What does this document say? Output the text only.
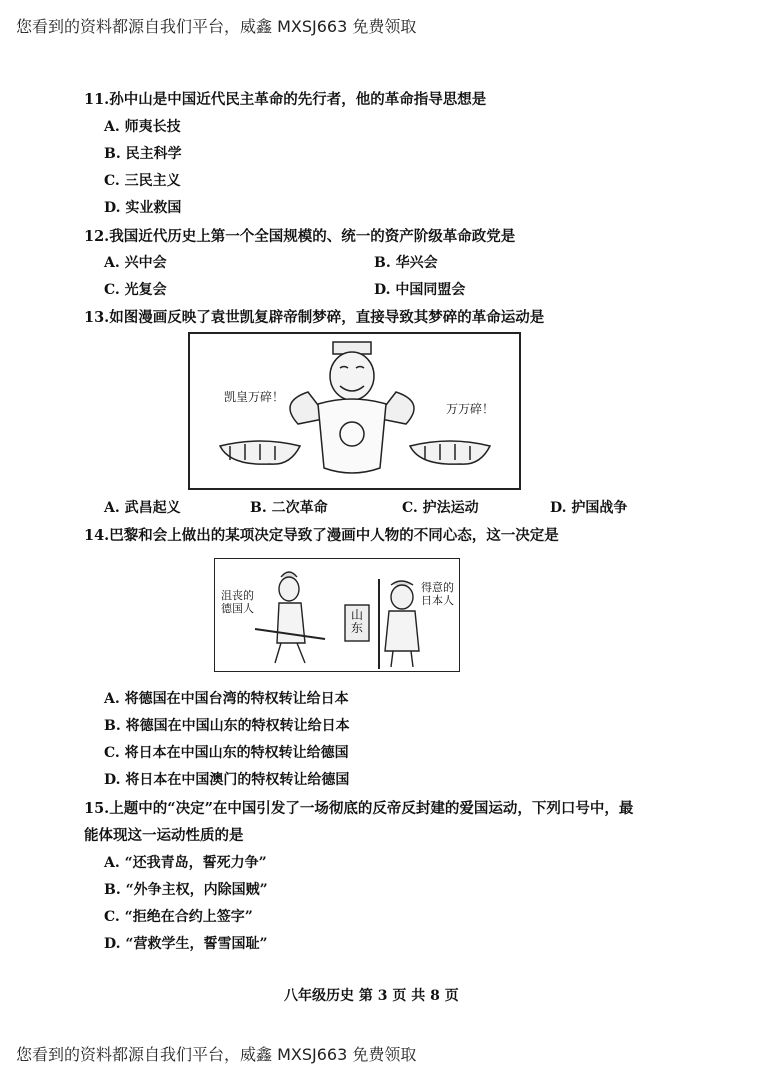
您看到的资料都源自我们平台，威鑫 MXSJ663 免费领取
11.孙中山是中国近代民主革命的先行者，他的革命指导思想是
A. 师夷长技
B. 民主科学
C. 三民主义
D. 实业救国
12.我国近代历史上第一个全国规模的、统一的资产阶级革命政党是
A. 兴中会	B. 华兴会
C. 光复会	D. 中国同盟会
13.如图漫画反映了袁世凯复辟帝制梦碎，直接导致其梦碎的革命运动是
凯皇万碎！
万万碎！
A. 武昌起义	B. 二次革命	C. 护法运动	D. 护国战争
14.巴黎和会上做出的某项决定导致了漫画中人物的不同心态，这一决定是
沮丧的
德国人	山
东
得意的
日本人
A. 将德国在中国台湾的特权转让给日本
B. 将德国在中国山东的特权转让给日本
C. 将日本在中国山东的特权转让给德国
D. 将日本在中国澳门的特权转让给德国
15.上题中的“决定”在中国引发了一场彻底的反帝反封建的爱国运动，下列口号中，最
能体现这一运动性质的是
A. “还我青岛，誓死力争”
B. “外争主权，内除国贼”
C. “拒绝在合约上签字”
D. “营救学生，誓雪国耻”
八年级历史 第 3 页 共 8 页
您看到的资料都源自我们平台，威鑫 MXSJ663 免费领取
